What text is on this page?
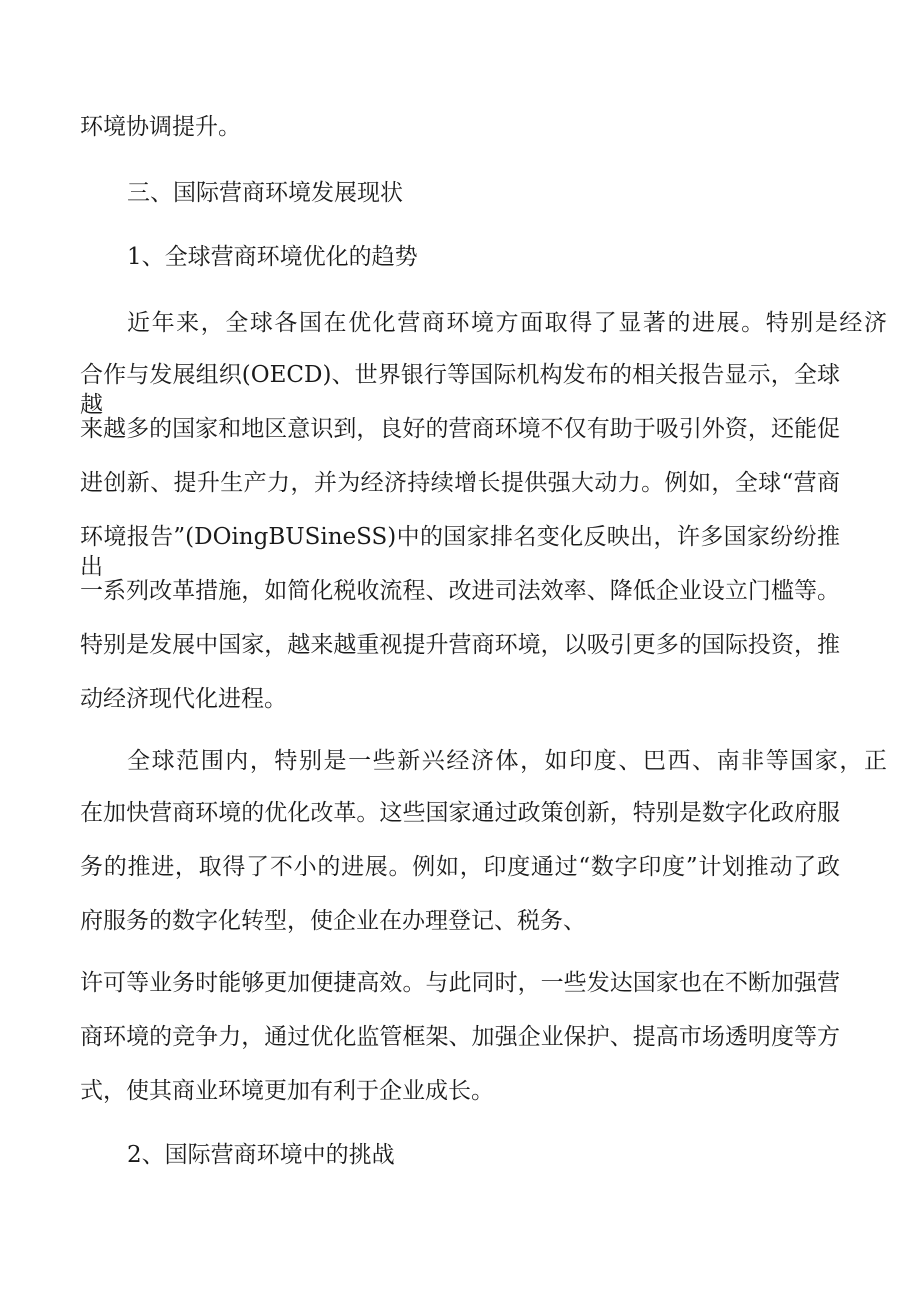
环境协调提升。
三、国际营商环境发展现状
1、全球营商环境优化的趋势
近年来，全球各国在优化营商环境方面取得了显著的进展。特别是经济
合作与发展组织(OECD)、世界银行等国际机构发布的相关报告显示，全球越
来越多的国家和地区意识到，良好的营商环境不仅有助于吸引外资，还能促
进创新、提升生产力，并为经济持续增长提供强大动力。例如，全球“营商
环境报告”(DOingBUSineSS)中的国家排名变化反映出，许多国家纷纷推出
一系列改革措施，如简化税收流程、改进司法效率、降低企业设立门槛等。
特别是发展中国家，越来越重视提升营商环境，以吸引更多的国际投资，推
动经济现代化进程。
全球范围内，特别是一些新兴经济体，如印度、巴西、南非等国家，正
在加快营商环境的优化改革。这些国家通过政策创新，特别是数字化政府服
务的推进，取得了不小的进展。例如，印度通过“数字印度”计划推动了政
府服务的数字化转型，使企业在办理登记、税务、
许可等业务时能够更加便捷高效。与此同时，一些发达国家也在不断加强营
商环境的竞争力，通过优化监管框架、加强企业保护、提高市场透明度等方
式，使其商业环境更加有利于企业成长。
2、国际营商环境中的挑战
